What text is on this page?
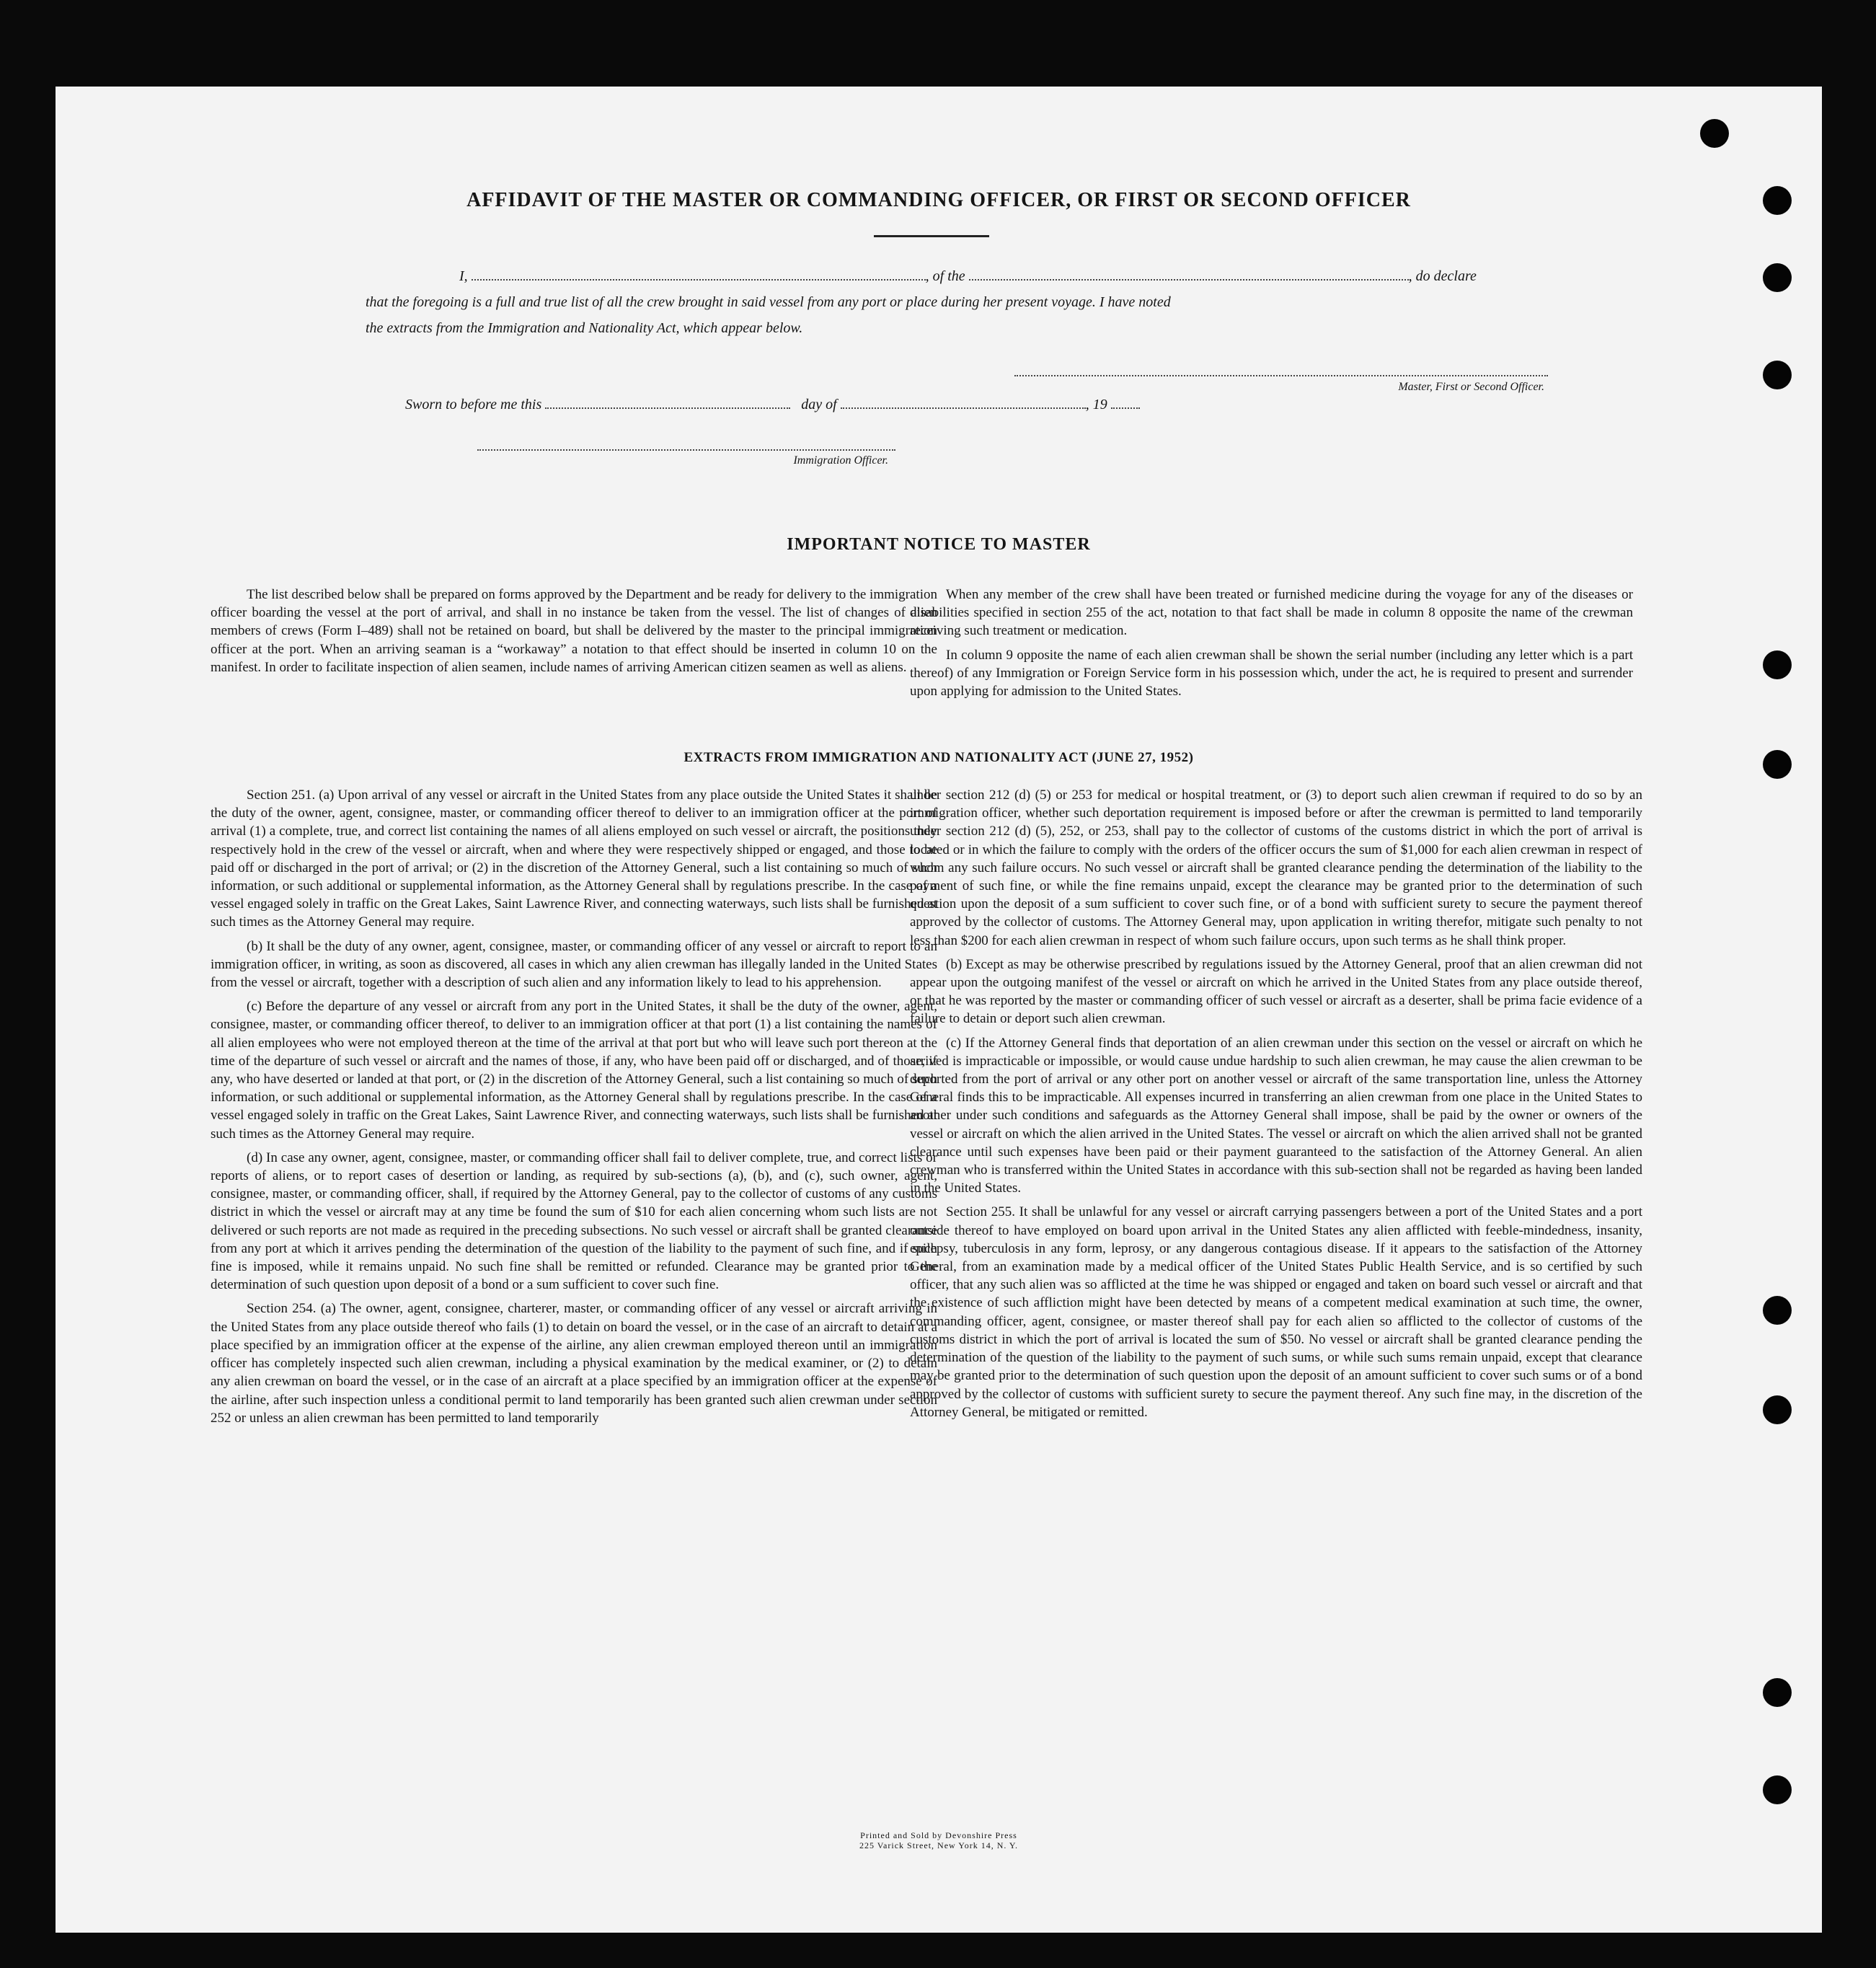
AFFIDAVIT OF THE MASTER OR COMMANDING OFFICER, OR FIRST OR SECOND OFFICER
I,	, of the	, do declare
that the foregoing is a full and true list of all the crew brought in said vessel from any port or place during her present voyage. I have noted
the extracts from the Immigration and Nationality Act, which appear below.
Master, First or Second Officer.
Sworn to before me this	day of	, 19
Immigration Officer.
IMPORTANT NOTICE TO MASTER

The list described below shall be prepared on forms approved by the Department and be ready for delivery to the immigration officer boarding the vessel at the port of arrival, and shall in no instance be taken from the vessel. The list of changes of alien members of crews (Form I–489) shall not be retained on board, but shall be delivered by the master to the principal immigration officer at the port. When an arriving seaman is a “workaway” a notation to that effect should be inserted in column 10 on the manifest. In order to facilitate inspection of alien seamen, include names of arriving American citizen seamen as well as aliens.

When any member of the crew shall have been treated or furnished medicine during the voyage for any of the diseases or disabilities specified in section 255 of the act, notation to that fact shall be made in column 8 opposite the name of the crewman receiving such treatment or medication.

In column 9 opposite the name of each alien crewman shall be shown the serial number (including any letter which is a part thereof) of any Immigration or Foreign Service form in his possession which, under the act, he is required to present and surrender upon applying for admission to the United States.

EXTRACTS FROM IMMIGRATION AND NATIONALITY ACT (JUNE 27, 1952)

Section 251. (a) Upon arrival of any vessel or aircraft in the United States from any place outside the United States it shall be the duty of the owner, agent, consignee, master, or commanding officer thereof to deliver to an immigration officer at the port of arrival (1) a complete, true, and correct list containing the names of all aliens employed on such vessel or aircraft, the positions they respectively hold in the crew of the vessel or aircraft, when and where they were respectively shipped or engaged, and those to be paid off or discharged in the port of arrival; or (2) in the discretion of the Attorney General, such a list containing so much of such information, or such additional or supplemental information, as the Attorney General shall by regulations prescribe. In the case of a vessel engaged solely in traffic on the Great Lakes, Saint Lawrence River, and connecting waterways, such lists shall be furnished at such times as the Attorney General may require.

(b) It shall be the duty of any owner, agent, consignee, master, or commanding officer of any vessel or aircraft to report to an immigration officer, in writing, as soon as discovered, all cases in which any alien crewman has illegally landed in the United States from the vessel or aircraft, together with a description of such alien and any information likely to lead to his apprehension.

(c) Before the departure of any vessel or aircraft from any port in the United States, it shall be the duty of the owner, agent, consignee, master, or commanding officer thereof, to deliver to an immigration officer at that port (1) a list containing the names of all alien employees who were not employed thereon at the time of the arrival at that port but who will leave such port thereon at the time of the departure of such vessel or aircraft and the names of those, if any, who have been paid off or discharged, and of those, if any, who have deserted or landed at that port, or (2) in the discretion of the Attorney General, such a list containing so much of such information, or such additional or supplemental information, as the Attorney General shall by regulations prescribe. In the case of a vessel engaged solely in traffic on the Great Lakes, Saint Lawrence River, and connecting waterways, such lists shall be furnished at such times as the Attorney General may require.

(d) In case any owner, agent, consignee, master, or commanding officer shall fail to deliver complete, true, and correct lists or reports of aliens, or to report cases of desertion or landing, as required by sub-sections (a), (b), and (c), such owner, agent, consignee, master, or commanding officer, shall, if required by the Attorney General, pay to the collector of customs of any customs district in which the vessel or aircraft may at any time be found the sum of $10 for each alien concerning whom such lists are not delivered or such reports are not made as required in the preceding subsections. No such vessel or aircraft shall be granted clearance from any port at which it arrives pending the determination of the question of the liability to the payment of such fine, and if such fine is imposed, while it remains unpaid. No such fine shall be remitted or refunded. Clearance may be granted prior to the determination of such question upon deposit of a bond or a sum sufficient to cover such fine.

Section 254. (a) The owner, agent, consignee, charterer, master, or commanding officer of any vessel or aircraft arriving in the United States from any place outside thereof who fails (1) to detain on board the vessel, or in the case of an aircraft to detain at a place specified by an immigration officer at the expense of the airline, any alien crewman employed thereon until an immigration officer has completely inspected such alien crewman, including a physical examination by the medical examiner, or (2) to detain any alien crewman on board the vessel, or in the case of an aircraft at a place specified by an immigration officer at the expense of the airline, after such inspection unless a conditional permit to land temporarily has been granted such alien crewman under section 252 or unless an alien crewman has been permitted to land temporarily

under section 212 (d) (5) or 253 for medical or hospital treatment, or (3) to deport such alien crewman if required to do so by an immigration officer, whether such deportation requirement is imposed before or after the crewman is permitted to land temporarily under section 212 (d) (5), 252, or 253, shall pay to the collector of customs of the customs district in which the port of arrival is located or in which the failure to comply with the orders of the officer occurs the sum of $1,000 for each alien crewman in respect of whom any such failure occurs. No such vessel or aircraft shall be granted clearance pending the determination of the liability to the payment of such fine, or while the fine remains unpaid, except the clearance may be granted prior to the determination of such question upon the deposit of a sum sufficient to cover such fine, or of a bond with sufficient surety to secure the payment thereof approved by the collector of customs. The Attorney General may, upon application in writing therefor, mitigate such penalty to not less than $200 for each alien crewman in respect of whom such failure occurs, upon such terms as he shall think proper.

(b) Except as may be otherwise prescribed by regulations issued by the Attorney General, proof that an alien crewman did not appear upon the outgoing manifest of the vessel or aircraft on which he arrived in the United States from any place outside thereof, or that he was reported by the master or commanding officer of such vessel or aircraft as a deserter, shall be prima facie evidence of a failure to detain or deport such alien crewman.

(c) If the Attorney General finds that deportation of an alien crewman under this section on the vessel or aircraft on which he arrived is impracticable or impossible, or would cause undue hardship to such alien crewman, he may cause the alien crewman to be deported from the port of arrival or any other port on another vessel or aircraft of the same transportation line, unless the Attorney General finds this to be impracticable. All expenses incurred in transferring an alien crewman from one place in the United States to another under such conditions and safeguards as the Attorney General shall impose, shall be paid by the owner or owners of the vessel or aircraft on which the alien arrived in the United States. The vessel or aircraft on which the alien arrived shall not be granted clearance until such expenses have been paid or their payment guaranteed to the satisfaction of the Attorney General. An alien crewman who is transferred within the United States in accordance with this sub-section shall not be regarded as having been landed in the United States.

Section 255. It shall be unlawful for any vessel or aircraft carrying passengers between a port of the United States and a port outside thereof to have employed on board upon arrival in the United States any alien afflicted with feeble-mindedness, insanity, epilepsy, tuberculosis in any form, leprosy, or any dangerous contagious disease. If it appears to the satisfaction of the Attorney General, from an examination made by a medical officer of the United States Public Health Service, and is so certified by such officer, that any such alien was so afflicted at the time he was shipped or engaged and taken on board such vessel or aircraft and that the existence of such affliction might have been detected by means of a competent medical examination at such time, the owner, commanding officer, agent, consignee, or master thereof shall pay for each alien so afflicted to the collector of customs of the customs district in which the port of arrival is located the sum of $50. No vessel or aircraft shall be granted clearance pending the determination of the question of the liability to the payment of such sums, or while such sums remain unpaid, except that clearance may be granted prior to the determination of such question upon the deposit of an amount sufficient to cover such sums or of a bond approved by the collector of customs with sufficient surety to secure the payment thereof. Any such fine may, in the discretion of the Attorney General, be mitigated or remitted.

Printed and Sold by Devonshire Press
225 Varick Street, New York 14, N. Y.
